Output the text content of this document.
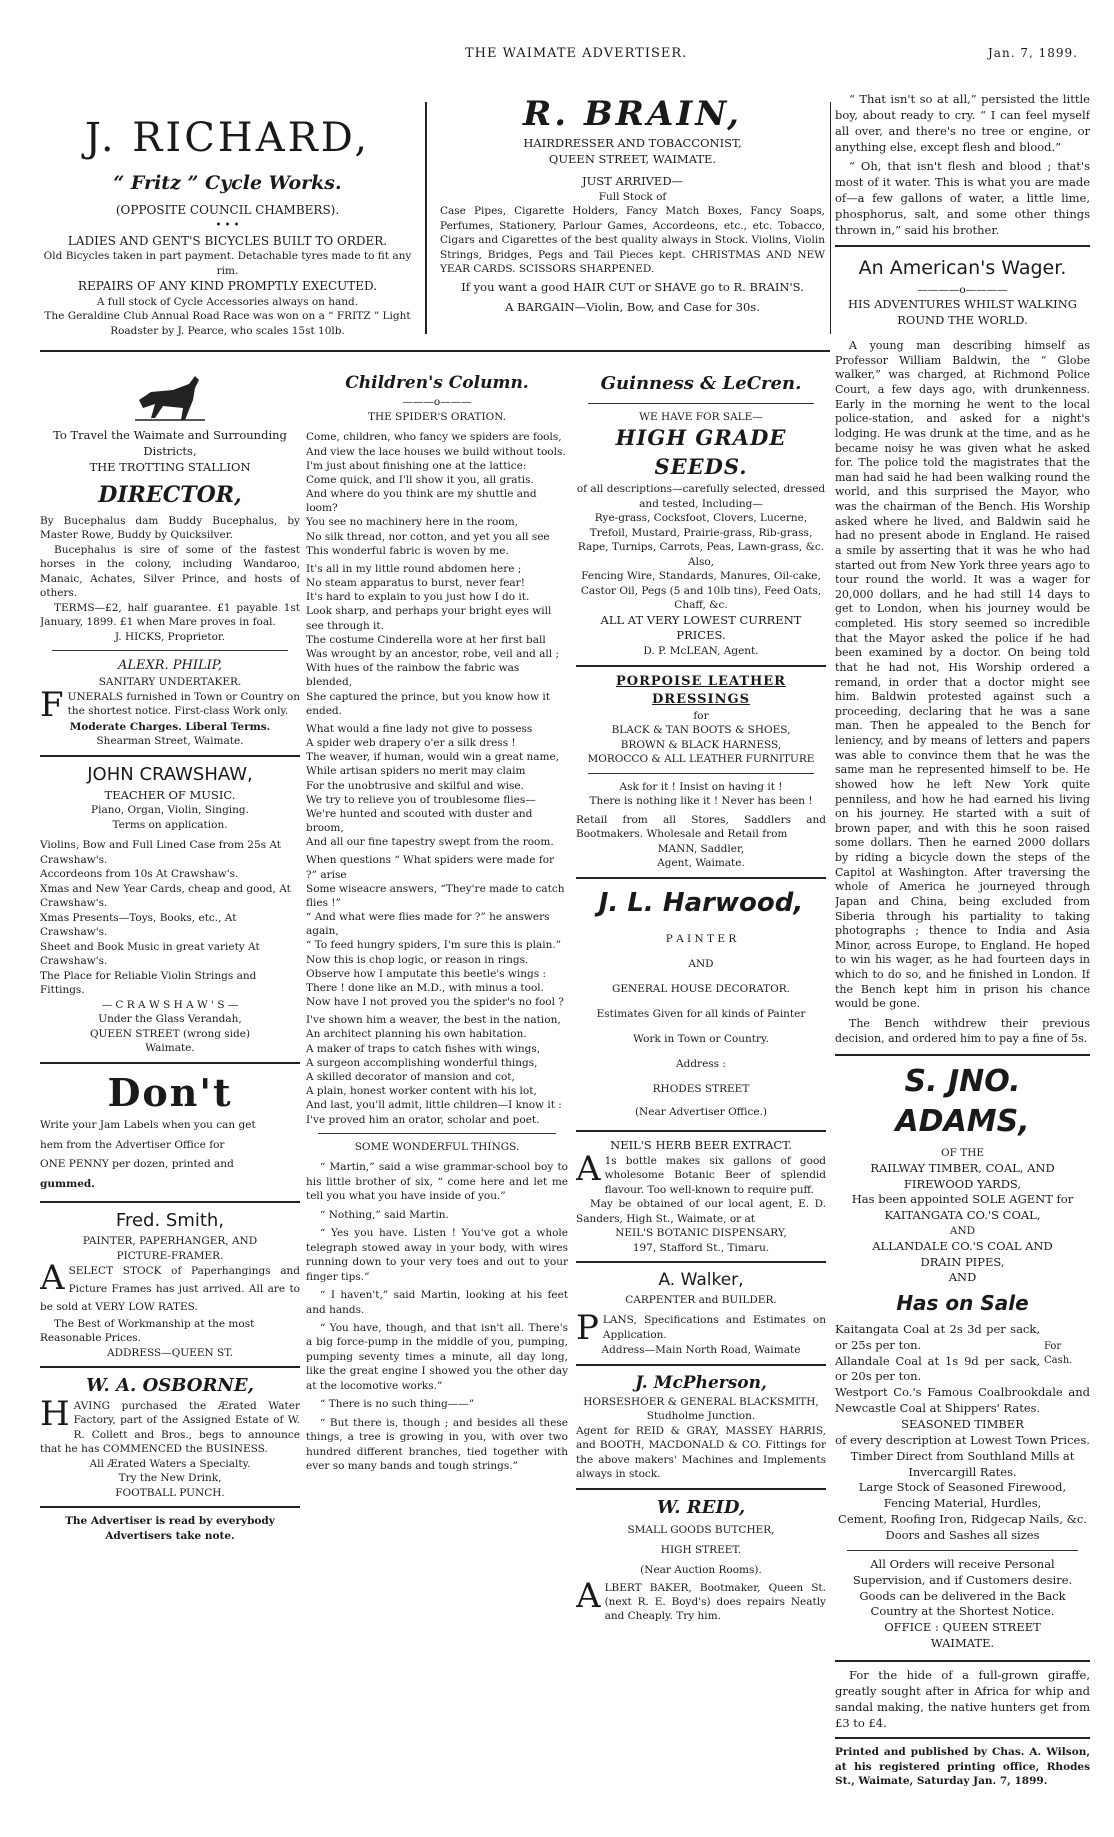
THE WAIMATE ADVERTISER.	Jan. 7, 1899.
J. RICHARD,
“ Fritz ” Cycle Works.
(OPPOSITE COUNCIL CHAMBERS).
• • •
LADIES AND GENT'S BICYCLES BUILT TO ORDER.
Old Bicycles taken in part payment. Detachable tyres made to fit any rim.
REPAIRS OF ANY KIND PROMPTLY EXECUTED.
A full stock of Cycle Accessories always on hand.
The Geraldine Club Annual Road Race was won on a “ FRITZ ” Light Roadster by J. Pearce, who scales 15st 10lb.
R. BRAIN,
HAIRDRESSER AND TOBACCONIST,
QUEEN STREET, WAIMATE.
JUST ARRIVED—
Full Stock of
Case Pipes, Cigarette Holders, Fancy Match Boxes, Fancy Soaps, Perfumes, Stationery, Parlour Games, Accordeons, etc., etc. Tobacco, Cigars and Cigarettes of the best quality always in Stock. Violins, Violin Strings, Bridges, Pegs and Tail Pieces kept. CHRISTMAS AND NEW YEAR CARDS. SCISSORS SHARPENED.
If you want a good HAIR CUT or SHAVE go to R. BRAIN'S.
A BARGAIN—Violin, Bow, and Case for 30s.

“ That isn't so at all,” persisted the little boy, about ready to cry. “ I can feel myself all over, and there's no tree or engine, or anything else, except flesh and blood.”

“ Oh, that isn't flesh and blood ; that's most of it water. This is what you are made of—a few gallons of water, a little lime, phosphorus, salt, and some other things thrown in,” said his brother.

An American's Wager.
————o————
HIS ADVENTURES WHILST WALKING ROUND THE WORLD.

A young man describing himself as Professor William Baldwin, the “ Globe walker,” was charged, at Richmond Police Court, a few days ago, with drunkenness. Early in the morning he went to the local police-station, and asked for a night's lodging. He was drunk at the time, and as he became noisy he was given what he asked for. The police told the magistrates that the man had said he had been walking round the world, and this surprised the Mayor, who was the chairman of the Bench. His Worship asked where he lived, and Baldwin said he had no present abode in England. He raised a smile by asserting that it was he who had started out from New York three years ago to tour round the world. It was a wager for 20,000 dollars, and he had still 14 days to get to London, when his journey would be completed. His story seemed so incredible that the Mayor asked the police if he had been examined by a doctor. On being told that he had not, His Worship ordered a remand, in order that a doctor might see him. Baldwin protested against such a proceeding, declaring that he was a sane man. Then he appealed to the Bench for leniency, and by means of letters and papers was able to convince them that he was the same man he represented himself to be. He showed how he left New York quite penniless, and how he had earned his living on his journey. He started with a suit of brown paper, and with this he soon raised some dollars. Then he earned 2000 dollars by riding a bicycle down the steps of the Capitol at Washington. After traversing the whole of America he journeyed through Japan and China, being excluded from Siberia through his partiality to taking photographs ; thence to India and Asia Minor, across Europe, to England. He hoped to win his wager, as he had fourteen days in which to do so, and he finished in London. If the Bench kept him in prison his chance would be gone.

The Bench withdrew their previous decision, and ordered him to pay a fine of 5s.

S. JNO. ADAMS,
OF THE
RAILWAY TIMBER, COAL, AND
FIREWOOD YARDS,
Has been appointed SOLE AGENT for
KAITANGATA CO.'S COAL,
AND
ALLANDALE CO.'S COAL AND
DRAIN PIPES,
AND
Has on Sale
Kaitangata Coal at 2s 3d per sack, or 25s per ton.
Allandale Coal at 1s 9d per sack, or 20s per ton.
For Cash.
Westport Co.'s Famous Coalbrookdale and Newcastle Coal at Shippers' Rates.
SEASONED TIMBER
of every description at Lowest Town Prices.
Timber Direct from Southland Mills at Invercargill Rates.
Large Stock of Seasoned Firewood, Fencing Material, Hurdles,
Cement, Roofing Iron, Ridgecap Nails, &c. Doors and Sashes all sizes
All Orders will receive Personal Supervision, and if Customers desire. Goods can be delivered in the Back Country at the Shortest Notice.
OFFICE : QUEEN STREET
WAIMATE.

For the hide of a full-grown giraffe, greatly sought after in Africa for whip and sandal making, the native hunters get from £3 to £4.

Printed and published by Chas. A. Wilson, at his registered printing office, Rhodes St., Waimate, Saturday Jan. 7, 1899.

To Travel the Waimate and Surrounding Districts,
THE TROTTING STALLION
DIRECTOR,
By Bucephalus dam Buddy Bucephalus, by Master Rowe, Buddy by Quicksilver.
Bucephalus is sire of some of the fastest horses in the colony, including Wandaroo, Manaic, Achates, Silver Prince, and hosts of others.
TERMS—£2, half guarantee. £1 payable 1st January, 1899. £1 when Mare proves in foal.
J. HICKS, Proprietor.
ALEXR. PHILIP,
SANITARY UNDERTAKER.
FUNERALS furnished in Town or Country on the shortest notice. First-class Work only.
Moderate Charges. Liberal Terms.
Shearman Street, Waimate.
JOHN CRAWSHAW,
TEACHER OF MUSIC.
Piano, Organ, Violin, Singing.
Terms on application.
Violins, Bow and Full Lined Case from 25s At Crawshaw's.
Accordeons from 10s At Crawshaw's.
Xmas and New Year Cards, cheap and good, At Crawshaw's.
Xmas Presents—Toys, Books, etc., At Crawshaw's.
Sheet and Book Music in great variety At Crawshaw's.
The Place for Reliable Violin Strings and Fittings.
— C R A W S H A W ' S —
Under the Glass Verandah,
QUEEN STREET (wrong side)
Waimate.
Don't
Write your Jam Labels when you can get
hem from the Advertiser Office for
ONE PENNY per dozen, printed and
gummed.
Fred. Smith,
PAINTER, PAPERHANGER, AND
PICTURE-FRAMER.
ASELECT STOCK of Paperhangings and Picture Frames has just arrived. All are to be sold at VERY LOW RATES.
The Best of Workmanship at the most Reasonable Prices.
ADDRESS—QUEEN ST.
W. A. OSBORNE,
HAVING purchased the Ærated Water Factory, part of the Assigned Estate of W. R. Collett and Bros., begs to announce that he has COMMENCED the BUSINESS.
All Ærated Waters a Specialty.
Try the New Drink,
FOOTBALL PUNCH.
The Advertiser is read by everybody Advertisers take note.
Children's Column.
———o———
THE SPIDER'S ORATION.

Come, children, who fancy we spiders are fools,
And view the lace houses we build without tools.
I'm just about finishing one at the lattice:
Come quick, and I'll show it you, all gratis.
And where do you think are my shuttle and loom?
You see no machinery here in the room,
No silk thread, nor cotton, and yet you all see
This wonderful fabric is woven by me.

It's all in my little round abdomen here ;
No steam apparatus to burst, never fear!
It's hard to explain to you just how I do it.
Look sharp, and perhaps your bright eyes will see through it.
The costume Cinderella wore at her first ball
Was wrought by an ancestor, robe, veil and all ;
With hues of the rainbow the fabric was blended,
She captured the prince, but you know how it ended.

What would a fine lady not give to possess
A spider web drapery o'er a silk dress !
The weaver, if human, would win a great name,
While artisan spiders no merit may claim
For the unobtrusive and skilful and wise.
We try to relieve you of troublesome flies—
We're hunted and scouted with duster and broom,
And all our fine tapestry swept from the room.

When questions “ What spiders were made for ?” arise
Some wiseacre answers, “They're made to catch flies !”
“ And what were flies made for ?” he answers again,
“ To feed hungry spiders, I'm sure this is plain.”
Now this is chop logic, or reason in rings.
Observe how I amputate this beetle's wings :
There ! done like an M.D., with minus a tool.
Now have I not proved you the spider's no fool ?

I've shown him a weaver, the best in the nation,
An architect planning his own habitation.
A maker of traps to catch fishes with wings,
A surgeon accomplishing wonderful things,
A skilled decorator of mansion and cot,
A plain, honest worker content with his lot,
And last, you'll admit, little children—I know it :
I've proved him an orator, scholar and poet.

SOME WONDERFUL THINGS.

“ Martin,” said a wise grammar-school boy to his little brother of six, “ come here and let me tell you what you have inside of you.”

“ Nothing,” said Martin.

“ Yes you have. Listen ! You've got a whole telegraph stowed away in your body, with wires running down to your very toes and out to your finger tips.”

“ I haven't,” said Martin, looking at his feet and hands.

“ You have, though, and that isn't all. There's a big force-pump in the middle of you, pumping, pumping seventy times a minute, all day long, like the great engine I showed you the other day at the locomotive works.”

“ There is no such thing——”

“ But there is, though ; and besides all these things, a tree is growing in you, with over two hundred different branches, tied together with ever so many bands and tough strings.”

Guinness & LeCren.
WE HAVE FOR SALE—
HIGH GRADE SEEDS.
of all descriptions—carefully selected, dressed and tested, Including—
Rye-grass, Cocksfoot, Clovers, Lucerne, Trefoil, Mustard, Prairie-grass, Rib-grass, Rape, Turnips, Carrots, Peas, Lawn-grass, &c.
Also,
Fencing Wire, Standards, Manures, Oil-cake, Castor Oil, Pegs (5 and 10lb tins), Feed Oats, Chaff, &c.
ALL AT VERY LOWEST CURRENT PRICES.
D. P. McLEAN, Agent.
PORPOISE LEATHER DRESSINGS
for
BLACK & TAN BOOTS & SHOES,
BROWN & BLACK HARNESS,
MOROCCO & ALL LEATHER FURNITURE
Ask for it ! Insist on having it !
There is nothing like it ! Never has been !
Retail from all Stores, Saddlers and Bootmakers. Wholesale and Retail from
MANN, Saddler,
Agent, Waimate.
J. L. Harwood,
P A I N T E R
AND
GENERAL HOUSE DECORATOR.
Estimates Given for all kinds of Painter
Work in Town or Country.
Address :
RHODES STREET
(Near Advertiser Office.)
NEIL'S HERB BEER EXTRACT.
A 1s bottle makes six gallons of good wholesome Botanic Beer of splendid flavour. Too well-known to require puff.
May be obtained of our local agent, E. D. Sanders, High St., Waimate, or at
NEIL'S BOTANIC DISPENSARY,
197, Stafford St., Timaru.
A. Walker,
CARPENTER and BUILDER.
PLANS, Specifications and Estimates on Application.
Address—Main North Road, Waimate
J. McPherson,
HORSESHOER & GENERAL BLACKSMITH,
Studholme Junction.
Agent for REID & GRAY, MASSEY HARRIS, and BOOTH, MACDONALD & CO. Fittings for the above makers' Machines and Implements always in stock.
W. REID,
SMALL GOODS BUTCHER,
HIGH STREET.
(Near Auction Rooms).
ALBERT BAKER, Bootmaker, Queen St. (next R. E. Boyd's) does repairs Neatly and Cheaply. Try him.
